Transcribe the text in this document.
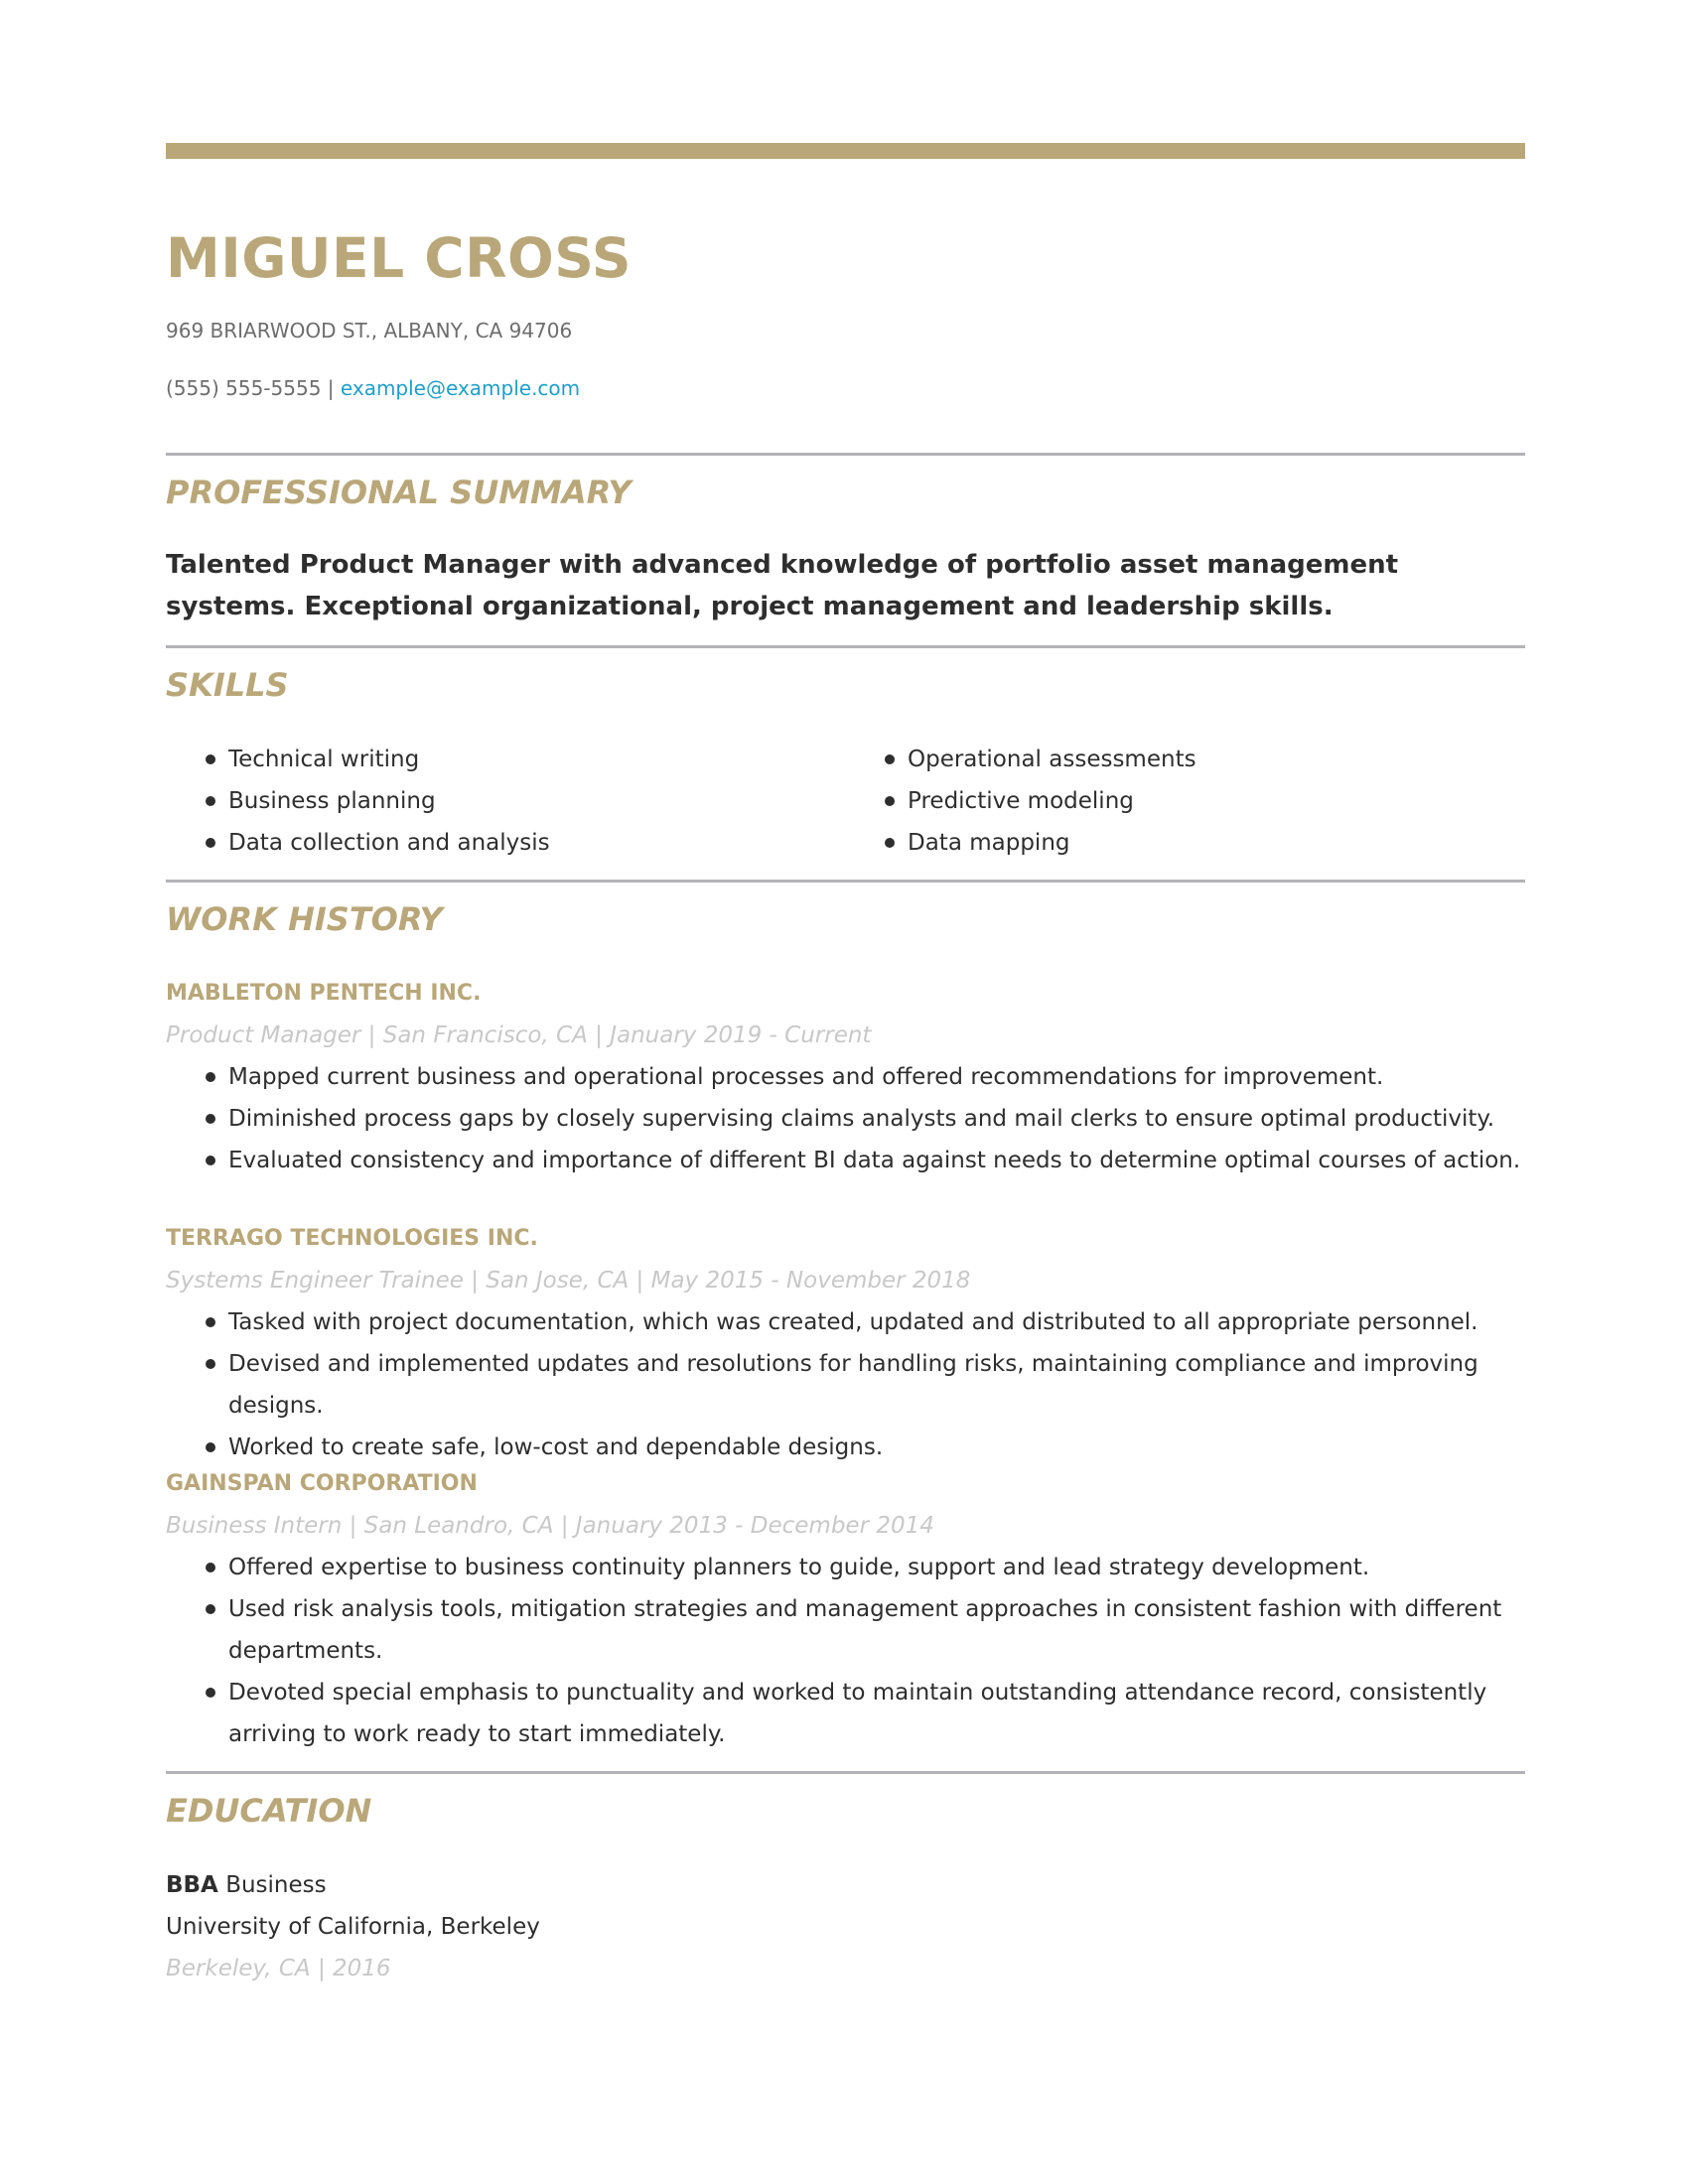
MIGUEL CROSS
969 BRIARWOOD ST., ALBANY, CA 94706
(555) 555-5555 | example@example.com
PROFESSIONAL SUMMARY

Talented Product Manager with advanced knowledge of portfolio asset management systems. Exceptional organizational, project management and leadership skills.

SKILLS
Technical writing
Business planning
Data collection and analysis
Operational assessments
Predictive modeling
Data mapping
WORK HISTORY

MABLETON PENTECH INC.

Product Manager | San Francisco, CA | January 2019 - Current

Mapped current business and operational processes and offered recommendations for improvement.
Diminished process gaps by closely supervising claims analysts and mail clerks to ensure optimal productivity.
Evaluated consistency and importance of different BI data against needs to determine optimal courses of action.

TERRAGO TECHNOLOGIES INC.

Systems Engineer Trainee | San Jose, CA | May 2015 - November 2018

Tasked with project documentation, which was created, updated and distributed to all appropriate personnel.
Devised and implemented updates and resolutions for handling risks, maintaining compliance and improving designs.
Worked to create safe, low-cost and dependable designs.

GAINSPAN CORPORATION

Business Intern | San Leandro, CA | January 2013 - December 2014

Offered expertise to business continuity planners to guide, support and lead strategy development.
Used risk analysis tools, mitigation strategies and management approaches in consistent fashion with different departments.
Devoted special emphasis to punctuality and worked to maintain outstanding attendance record, consistently arriving to work ready to start immediately.
EDUCATION

BBA Business

University of California, Berkeley

Berkeley, CA | 2016
